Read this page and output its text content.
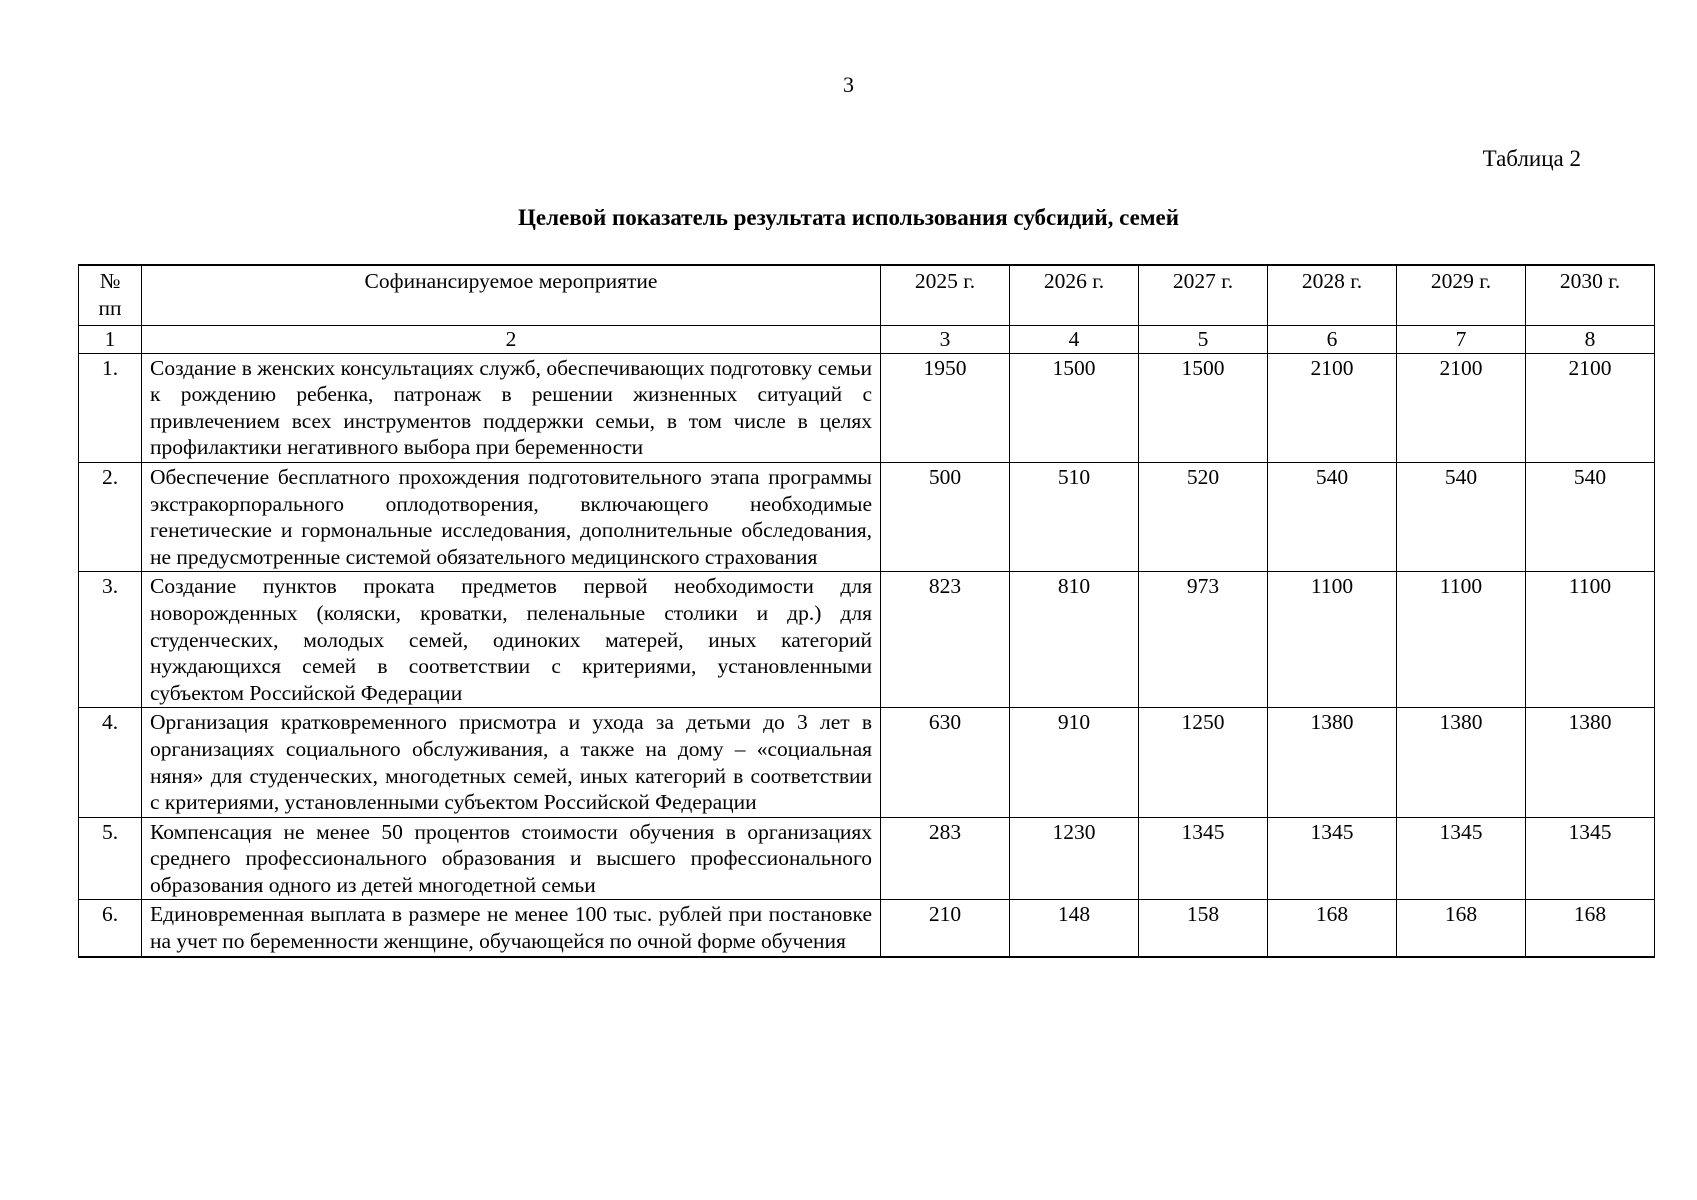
3
Таблица 2
Целевой показатель результата использования субсидий, семей
№ пп	Софинансируемое мероприятие	2025 г.	2026 г.	2027 г.	2028 г.	2029 г.	2030 г.
1	2	3	4	5	6	7	8
1.	Создание в женских консультациях служб, обеспечивающих подготовку семьи к рождению ребенка, патронаж в решении жизненных ситуаций с привлечением всех инструментов поддержки семьи, в том числе в целях профилактики негативного выбора при беременности	1950	1500	1500	2100	2100	2100
2.	Обеспечение бесплатного прохождения подготовительного этапа программы экстракорпорального оплодотворения, включающего необходимые генетические и гормональные исследования, дополнительные обследования, не предусмотренные системой обязательного медицинского страхования	500	510	520	540	540	540
3.	Создание пунктов проката предметов первой необходимости для новорожденных (коляски, кроватки, пеленальные столики и др.) для студенческих, молодых семей, одиноких матерей, иных категорий нуждающихся семей в соответствии с критериями, установленными субъектом Российской Федерации	823	810	973	1100	1100	1100
4.	Организация кратковременного присмотра и ухода за детьми до 3 лет в организациях социального обслуживания, а также на дому – «социальная няня» для студенческих, многодетных семей, иных категорий в соответствии с критериями, установленными субъектом Российской Федерации	630	910	1250	1380	1380	1380
5.	Компенсация не менее 50 процентов стоимости обучения в организациях среднего профессионального образования и высшего профессионального образования одного из детей многодетной семьи	283	1230	1345	1345	1345	1345
6.	Единовременная выплата в размере не менее 100 тыс. рублей при постановке на учет по беременности женщине, обучающейся по очной форме обучения	210	148	158	168	168	168
